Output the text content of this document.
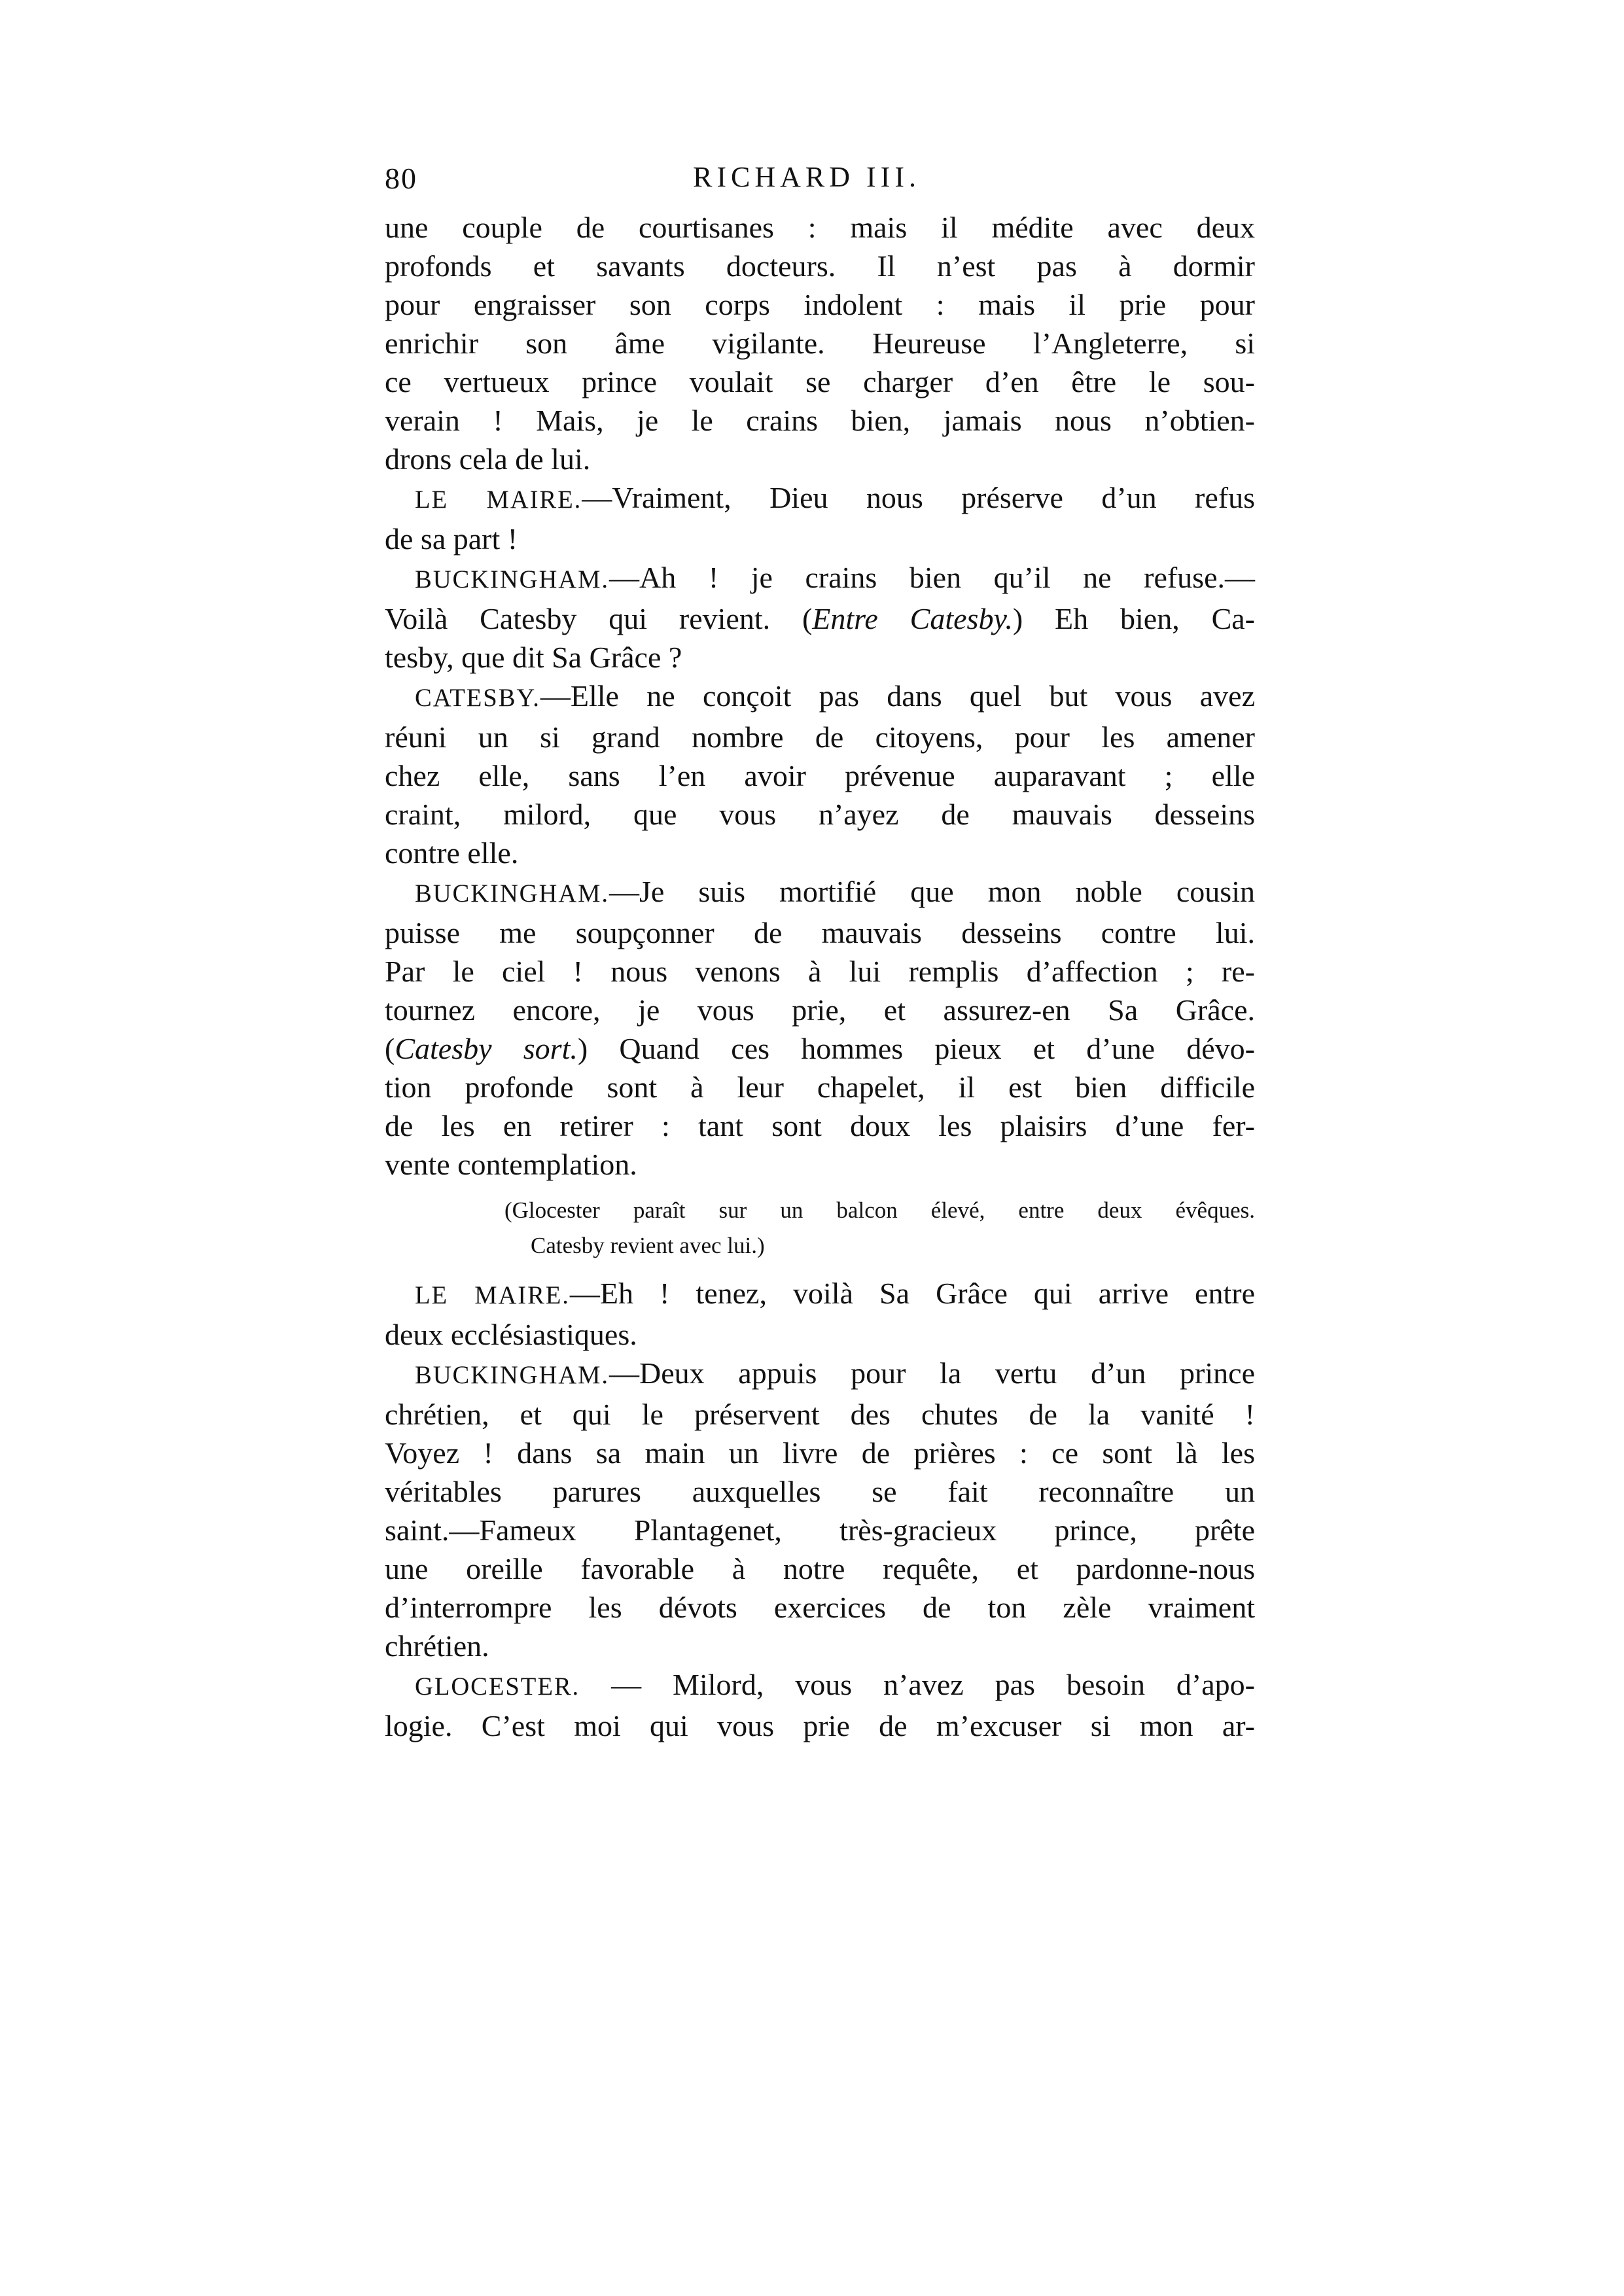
80	RICHARD III.
une couple de courtisanes : mais il médite avec deux
profonds et savants docteurs. Il n’est pas à dormir
pour engraisser son corps indolent : mais il prie pour
enrichir son âme vigilante. Heureuse l’Angleterre, si
ce vertueux prince voulait se charger d’en être le sou-
verain ! Mais, je le crains bien, jamais nous n’obtien-
drons cela de lui.
LE MAIRE.—Vraiment, Dieu nous préserve d’un refus
de sa part !
BUCKINGHAM.—Ah ! je crains bien qu’il ne refuse.—
Voilà Catesby qui revient. (Entre Catesby.) Eh bien, Ca-
tesby, que dit Sa Grâce ?
CATESBY.—Elle ne conçoit pas dans quel but vous avez
réuni un si grand nombre de citoyens, pour les amener
chez elle, sans l’en avoir prévenue auparavant ; elle
craint, milord, que vous n’ayez de mauvais desseins
contre elle.
BUCKINGHAM.—Je suis mortifié que mon noble cousin
puisse me soupçonner de mauvais desseins contre lui.
Par le ciel ! nous venons à lui remplis d’affection ; re-
tournez encore, je vous prie, et assurez-en Sa Grâce.
(Catesby sort.) Quand ces hommes pieux et d’une dévo-
tion profonde sont à leur chapelet, il est bien difficile
de les en retirer : tant sont doux les plaisirs d’une fer-
vente contemplation.
(Glocester paraît sur un balcon élevé, entre deux évêques.
Catesby revient avec lui.)
LE MAIRE.—Eh ! tenez, voilà Sa Grâce qui arrive entre
deux ecclésiastiques.
BUCKINGHAM.—Deux appuis pour la vertu d’un prince
chrétien, et qui le préservent des chutes de la vanité !
Voyez ! dans sa main un livre de prières : ce sont là les
véritables parures auxquelles se fait reconnaître un
saint.—Fameux Plantagenet, très-gracieux prince, prête
une oreille favorable à notre requête, et pardonne-nous
d’interrompre les dévots exercices de ton zèle vraiment
chrétien.
GLOCESTER. — Milord, vous n’avez pas besoin d’apo-
logie. C’est moi qui vous prie de m’excuser si mon ar-
